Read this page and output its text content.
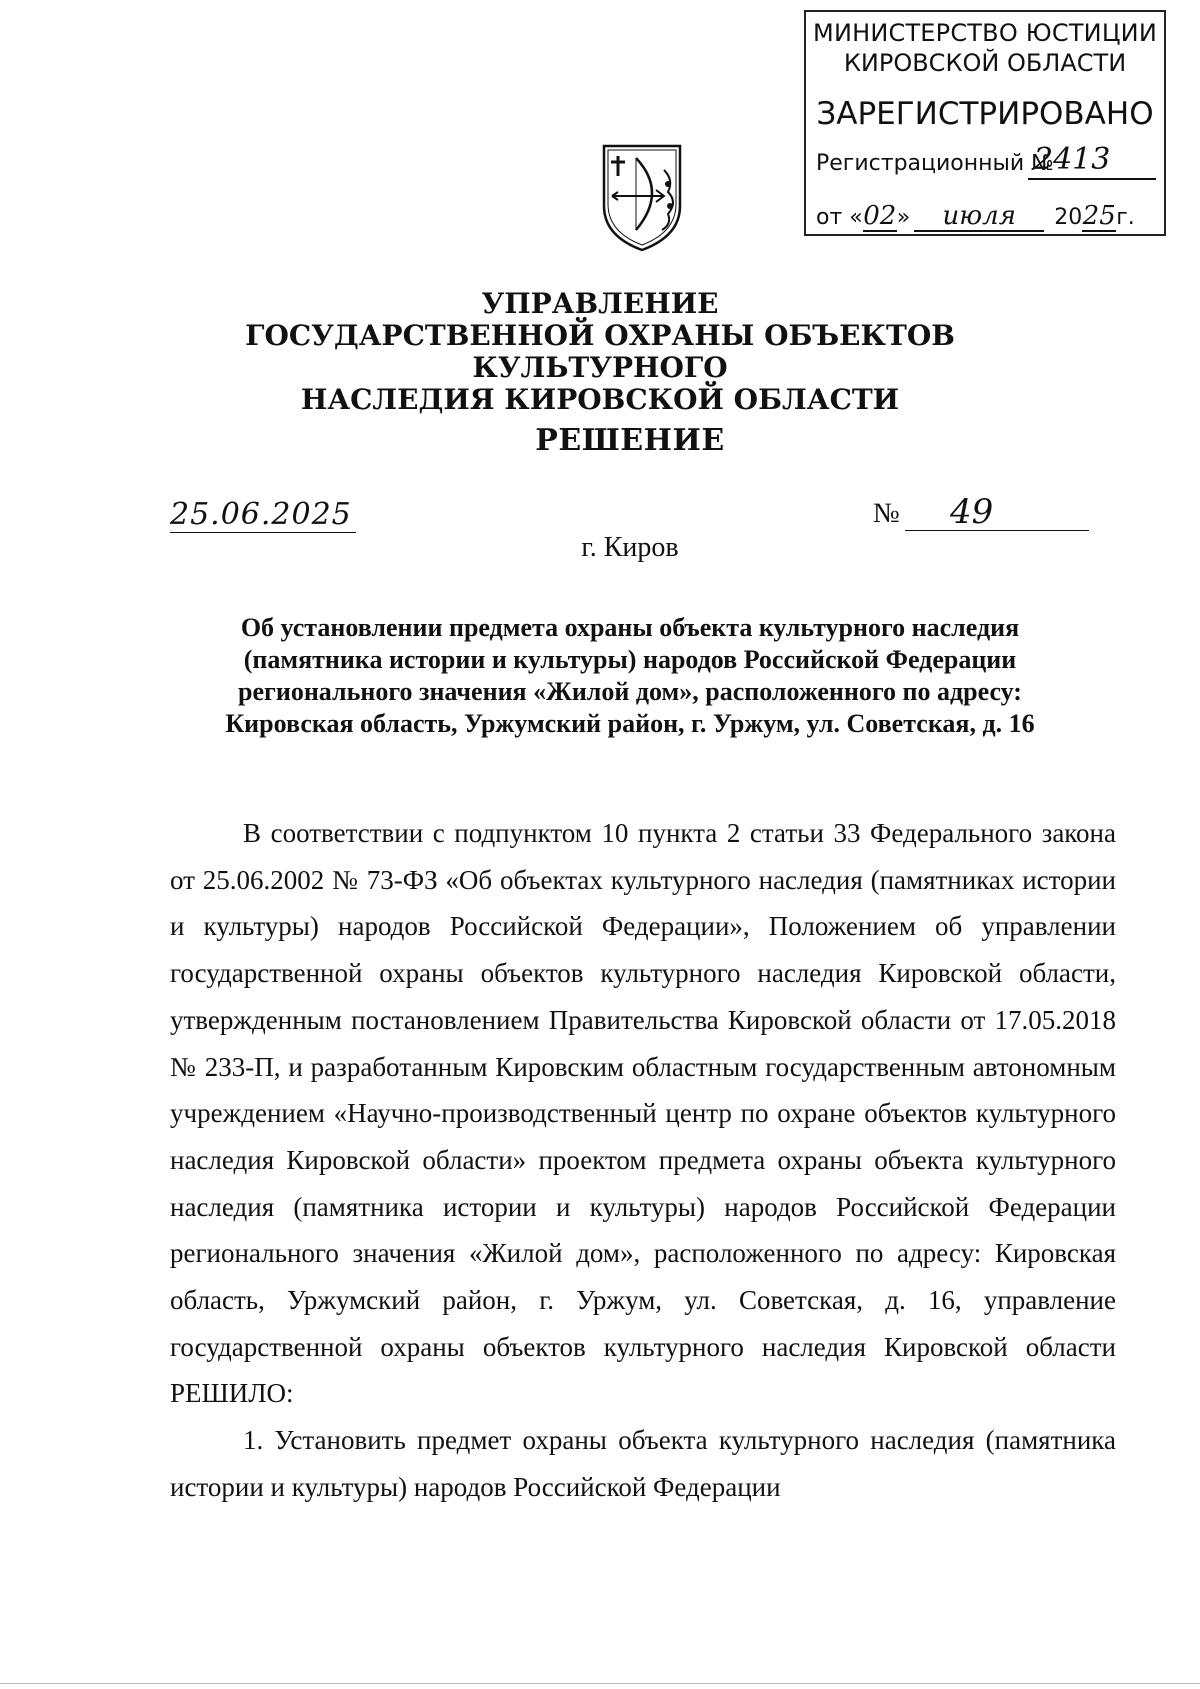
МИНИСТЕРСТВО ЮСТИЦИИ
КИРОВСКОЙ ОБЛАСТИ
ЗАРЕГИСТРИРОВАНО
Регистрационный №
2413
от «02» июля 2025г.
УПРАВЛЕНИЕ
ГОСУДАРСТВЕННОЙ ОХРАНЫ ОБЪЕКТОВ КУЛЬТУРНОГО
НАСЛЕДИЯ КИРОВСКОЙ ОБЛАСТИ
РЕШЕНИЕ
25.06.2025	№ 49
г. Киров
Об установлении предмета охраны объекта культурного наследия
(памятника истории и культуры) народов Российской Федерации
регионального значения «Жилой дом», расположенного по адресу:
Кировская область, Уржумский район, г. Уржум, ул. Советская, д. 16

В соответствии с подпунктом 10 пункта 2 статьи 33 Федерального закона от 25.06.2002 № 73-ФЗ «Об объектах культурного наследия (памятниках истории и культуры) народов Российской Федерации», Положением об управлении государственной охраны объектов культурного наследия Кировской области, утвержденным постановлением Правительства Кировской области от 17.05.2018 № 233-П, и разработанным Кировским областным государственным автономным учреждением «Научно-производственный центр по охране объектов культурного наследия Кировской области» проектом предмета охраны объекта культурного наследия (памятника истории и культуры) народов Российской Федерации регионального значения «Жилой дом», расположенного по адресу: Кировская область, Уржумский район, г. Уржум, ул. Советская, д. 16, управление государственной охраны объектов культурного наследия Кировской области РЕШИЛО:

1. Установить предмет охраны объекта культурного наследия (памятника истории и культуры) народов Российской Федерации
